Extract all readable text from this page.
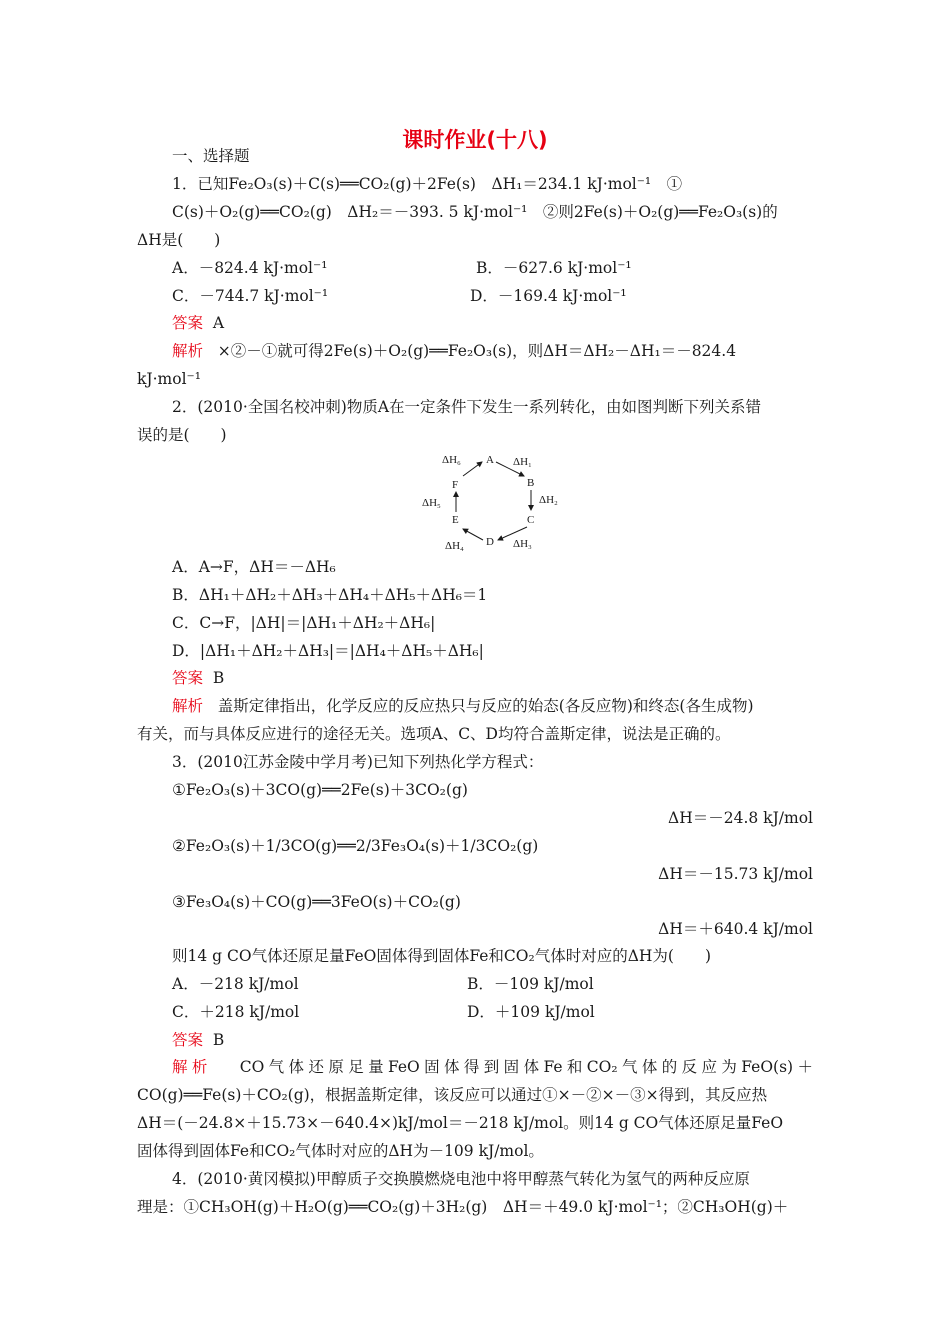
课时作业(十八)
一、选择题
1．已知Fe₂O₃(s)＋C(s)══CO₂(g)＋2Fe(s)　ΔH₁＝234.1 kJ·mol⁻¹　①
C(s)＋O₂(g)══CO₂(g)　ΔH₂＝－393. 5 kJ·mol⁻¹　②则2Fe(s)＋O₂(g)══Fe₂O₃(s)的
ΔH是(　　)
A．－824.4 kJ·mol⁻¹	B．－627.6 kJ·mol⁻¹
C．－744.7 kJ·mol⁻¹	D．－169.4 kJ·mol⁻¹
答案 A
解析 ×②－①就可得2Fe(s)＋O₂(g)══Fe₂O₃(s)，则ΔH＝ΔH₂－ΔH₁＝－824.4
kJ·mol⁻¹
2．(2010·全国名校冲刺)物质A在一定条件下发生一系列转化，由如图判断下列关系错
误的是(　　)
A
B
C
D
E
F
ΔH₁
ΔH₂
ΔH₃
ΔH₄
ΔH₅
ΔH₆
A．A→F，ΔH＝－ΔH₆
B．ΔH₁＋ΔH₂＋ΔH₃＋ΔH₄＋ΔH₅＋ΔH₆＝1
C．C→F，|ΔH|＝|ΔH₁＋ΔH₂＋ΔH₆|
D．|ΔH₁＋ΔH₂＋ΔH₃|＝|ΔH₄＋ΔH₅＋ΔH₆|
答案 B
解析 盖斯定律指出，化学反应的反应热只与反应的始态(各反应物)和终态(各生成物)
有关，而与具体反应进行的途径无关。选项A、C、D均符合盖斯定律，说法是正确的。
3．(2010江苏金陵中学月考)已知下列热化学方程式：
①Fe₂O₃(s)＋3CO(g)══2Fe(s)＋3CO₂(g)
ΔH＝－24.8 kJ/mol
②Fe₂O₃(s)＋1/3CO(g)══2/3Fe₃O₄(s)＋1/3CO₂(g)
ΔH＝－15.73 kJ/mol
③Fe₃O₄(s)＋CO(g)══3FeO(s)＋CO₂(g)
ΔH＝＋640.4 kJ/mol
则14 g CO气体还原足量FeO固体得到固体Fe和CO₂气体时对应的ΔH为(　　)
A．－218 kJ/mol	B．－109 kJ/mol
C．＋218 kJ/mol	D．＋109 kJ/mol
答案 B
解析 CO气体还原足量FeO固体得到固体Fe和CO₂气体的反应为FeO(s)＋
CO(g)══Fe(s)＋CO₂(g)，根据盖斯定律，该反应可以通过①×－②×－③×得到，其反应热
ΔH＝(－24.8×＋15.73×－640.4×)kJ/mol＝－218 kJ/mol。则14 g CO气体还原足量FeO
固体得到固体Fe和CO₂气体时对应的ΔH为－109 kJ/mol。
4．(2010·黄冈模拟)甲醇质子交换膜燃烧电池中将甲醇蒸气转化为氢气的两种反应原
理是：①CH₃OH(g)＋H₂O(g)══CO₂(g)＋3H₂(g)　ΔH＝＋49.0 kJ·mol⁻¹；②CH₃OH(g)＋
